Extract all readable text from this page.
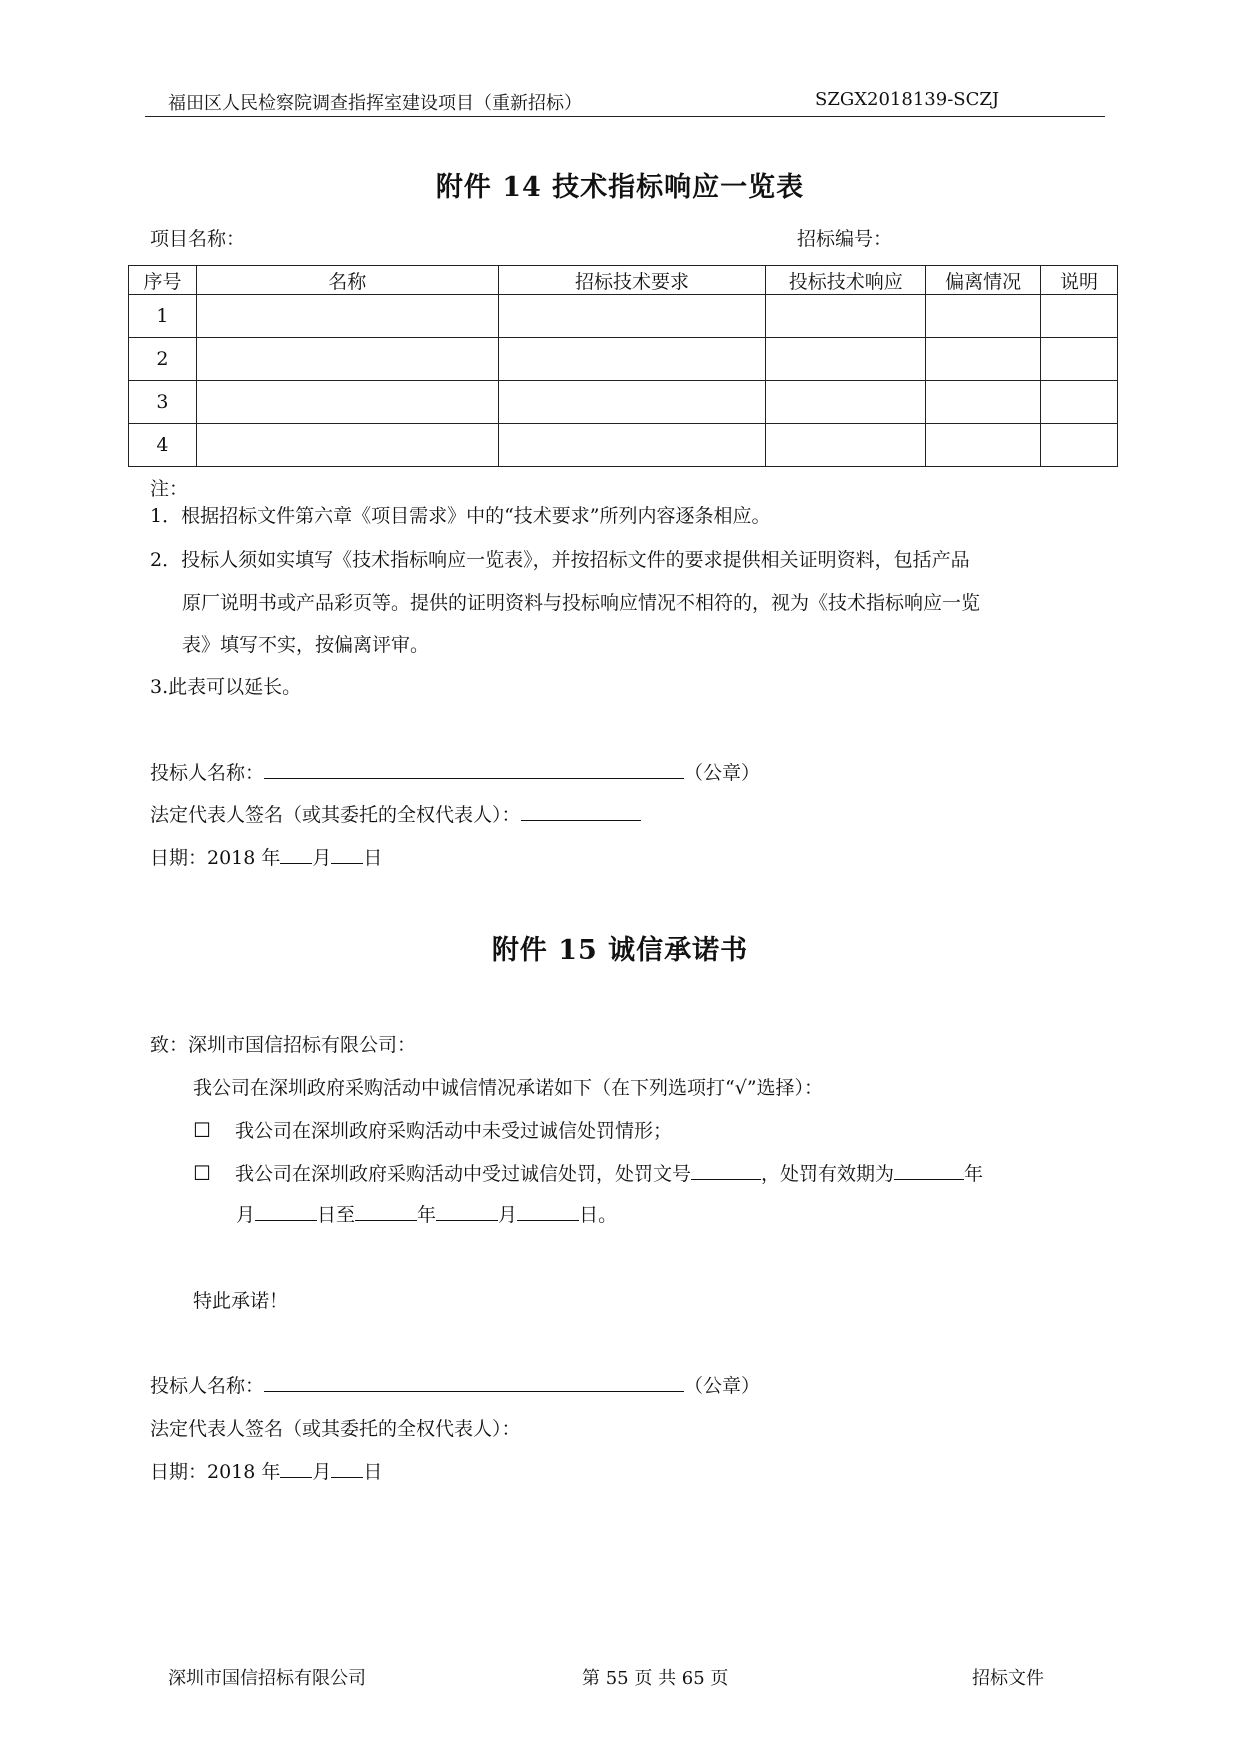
福田区人民检察院调查指挥室建设项目（重新招标）	SZGX2018139-SCZJ
附件 14 技术指标响应一览表
项目名称：	招标编号：
序号	名称	招标技术要求	投标技术响应	偏离情况	说明
1					
2					
3					
4					
注：
1．根据招标文件第六章《项目需求》中的“技术要求”所列内容逐条相应。
2．投标人须如实填写《技术指标响应一览表》，并按招标文件的要求提供相关证明资料，包括产品
原厂说明书或产品彩页等。提供的证明资料与投标响应情况不相符的，视为《技术指标响应一览
表》填写不实，按偏离评审。
3.此表可以延长。
投标人名称：	（公章）
法定代表人签名（或其委托的全权代表人）：
日期：2018 年 月 日
附件 15 诚信承诺书
致：深圳市国信招标有限公司：
我公司在深圳政府采购活动中诚信情况承诺如下（在下列选项打“√”选择）：
☐ 我公司在深圳政府采购活动中未受过诚信处罚情形；
☐ 我公司在深圳政府采购活动中受过诚信处罚，处罚文号	，处罚有效期为	年
月	日至	年	月	日。
特此承诺！
投标人名称：	（公章）
法定代表人签名（或其委托的全权代表人）：
日期：2018 年 月 日
深圳市国信招标有限公司	第 55 页 共 65 页	招标文件
